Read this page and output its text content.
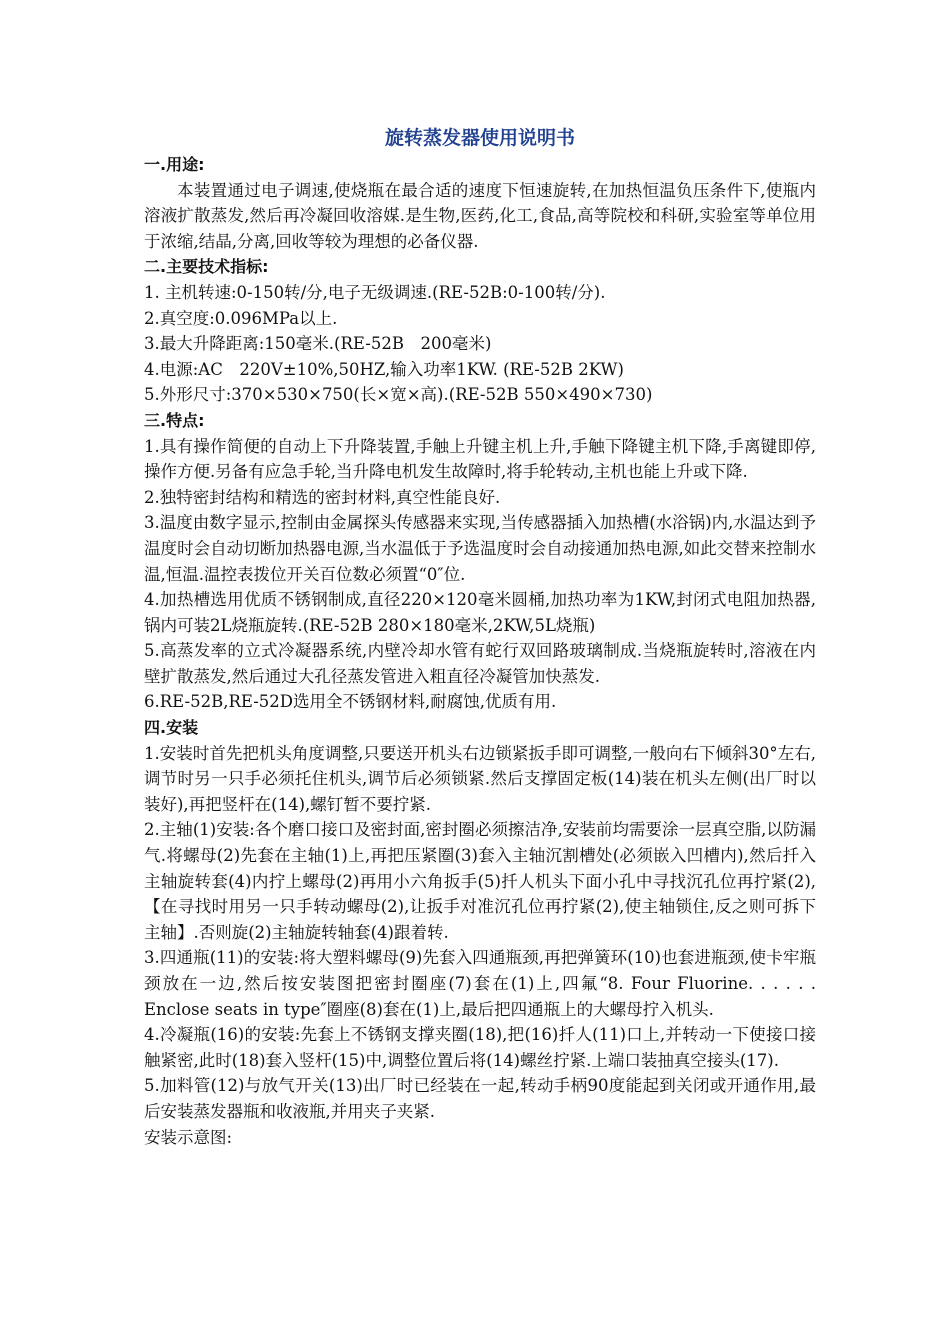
旋转蒸发器使用说明书

一.用途:

本装置通过电子调速,使烧瓶在最合适的速度下恒速旋转,在加热恒温负压条件下,使瓶内溶液扩散蒸发,然后再冷凝回收溶媒.是生物,医药,化工,食品,高等院校和科研,实验室等单位用于浓缩,结晶,分离,回收等较为理想的必备仪器.

二.主要技术指标:

1. 主机转速:0-150转/分,电子无级调速.(RE-52B:0-100转/分).

2.真空度:0.096MPa以上.

3.最大升降距离:150毫米.(RE-52B　200毫米)

4.电源:AC　220V±10%,50HZ,输入功率1KW. (RE-52B 2KW)

5.外形尺寸:370×530×750(长×宽×高).(RE-52B 550×490×730)

三.特点:

1.具有操作简便的自动上下升降装置,手触上升键主机上升,手触下降键主机下降,手离键即停,操作方便.另备有应急手轮,当升降电机发生故障时,将手轮转动,主机也能上升或下降.

2.独特密封结构和精选的密封材料,真空性能良好.

3.温度由数字显示,控制由金属探头传感器来实现,当传感器插入加热槽(水浴锅)内,水温达到予温度时会自动切断加热器电源,当水温低于予选温度时会自动接通加热电源,如此交替来控制水温,恒温.温控表拨位开关百位数必须置“0″位.

4.加热槽选用优质不锈钢制成,直径220×120毫米圆桶,加热功率为1KW,封闭式电阻加热器,锅内可装2L烧瓶旋转.(RE-52B 280×180毫米,2KW,5L烧瓶)

5.高蒸发率的立式冷凝器系统,内壁冷却水管有蛇行双回路玻璃制成.当烧瓶旋转时,溶液在内壁扩散蒸发,然后通过大孔径蒸发管进入粗直径冷凝管加快蒸发.

6.RE-52B,RE-52D选用全不锈钢材料,耐腐蚀,优质有用.

四.安装

1.安装时首先把机头角度调整,只要送开机头右边锁紧扳手即可调整,一般向右下倾斜30°左右,调节时另一只手必须托住机头,调节后必须锁紧.然后支撑固定板(14)装在机头左侧(出厂时以装好),再把竖杆在(14),螺钉暂不要拧紧.

2.主轴(1)安装:各个磨口接口及密封面,密封圈必须擦洁净,安装前均需要涂一层真空脂,以防漏气.将螺母(2)先套在主轴(1)上,再把压紧圈(3)套入主轴沉割槽处(必须嵌入凹槽内),然后扦入主轴旋转套(4)内拧上螺母(2)再用小六角扳手(5)扦人机头下面小孔中寻找沉孔位再拧紧(2),【在寻找时用另一只手转动螺母(2),让扳手对准沉孔位再拧紧(2),使主轴锁住,反之则可拆下主轴】.否则旋(2)主轴旋转轴套(4)跟着转.

3.四通瓶(11)的安装:将大塑料螺母(9)先套入四通瓶颈,再把弹簧环(10)也套进瓶颈,使卡牢瓶颈放在一边,然后按安装图把密封圈座(7)套在(1)上,四氟“8. Four Fluorine. . . . . . Enclose seats in type″圈座(8)套在(1)上,最后把四通瓶上的大螺母拧入机头.

4.冷凝瓶(16)的安装:先套上不锈钢支撑夹圈(18),把(16)扦人(11)口上,并转动一下使接口接触紧密,此时(18)套入竖杆(15)中,调整位置后将(14)螺丝拧紧.上端口装抽真空接头(17).

5.加料管(12)与放气开关(13)出厂时已经装在一起,转动手柄90度能起到关闭或开通作用,最后安装蒸发器瓶和收液瓶,并用夹子夹紧.

安装示意图:
